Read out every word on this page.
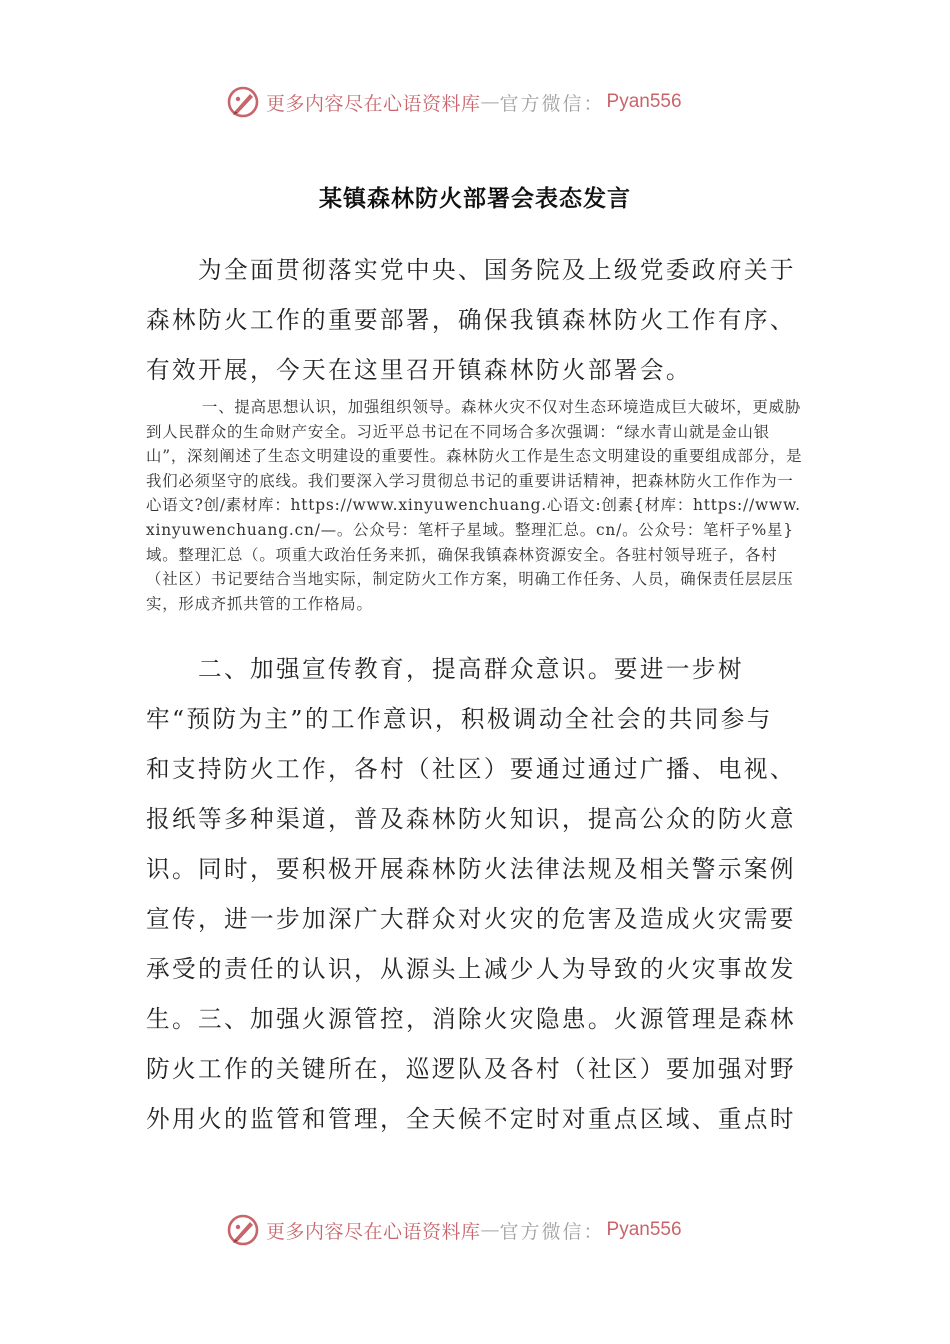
更多内容尽在心语资料库 — 官方微信： Pyan556
某镇森林防火部署会表态发言

为全面贯彻落实党中央、国务院及上级党委政府关于森林防火工作的重要部署，确保我镇森林防火工作有序、有效开展，今天在这里召开镇森林防火部署会。

一、提高思想认识，加强组织领导。森林火灾不仅对生态环境造成巨大破坏，更威胁到人民群众的生命财产安全。习近平总书记在不同场合多次强调：“绿水青山就是金山银山”，深刻阐述了生态文明建设的重要性。森林防火工作是生态文明建设的重要组成部分，是我们必须坚守的底线。我们要深入学习贯彻总书记的重要讲话精神，把森林防火工作作为一心语文?创/素材库：https://www.xinyuwenchuang.心语文:创素{材库：https://www.xinyuwenchuang.cn/—。公众号：笔杆子星域。整理汇总。cn/。公众号：笔杆子%星}域。整理汇总（。项重大政治任务来抓，确保我镇森林资源安全。各驻村领导班子，各村（社区）书记要结合当地实际，制定防火工作方案，明确工作任务、人员，确保责任层层压实，形成齐抓共管的工作格局。

二、加强宣传教育，提高群众意识。要进一步树牢“预防为主”的工作意识，积极调动全社会的共同参与和支持防火工作，各村（社区）要通过通过广播、电视、报纸等多种渠道，普及森林防火知识，提高公众的防火意识。同时，要积极开展森林防火法律法规及相关警示案例宣传，进一步加深广大群众对火灾的危害及造成火灾需要承受的责任的认识，从源头上减少人为导致的火灾事故发生。 三、加强火源管控，消除火灾隐患。火源管理是森林防火工作的关键所在，巡逻队及各村（社区）要加强对野外用火的监管和管理，全天候不定时对重点区域、重点时

更多内容尽在心语资料库 — 官方微信： Pyan556
